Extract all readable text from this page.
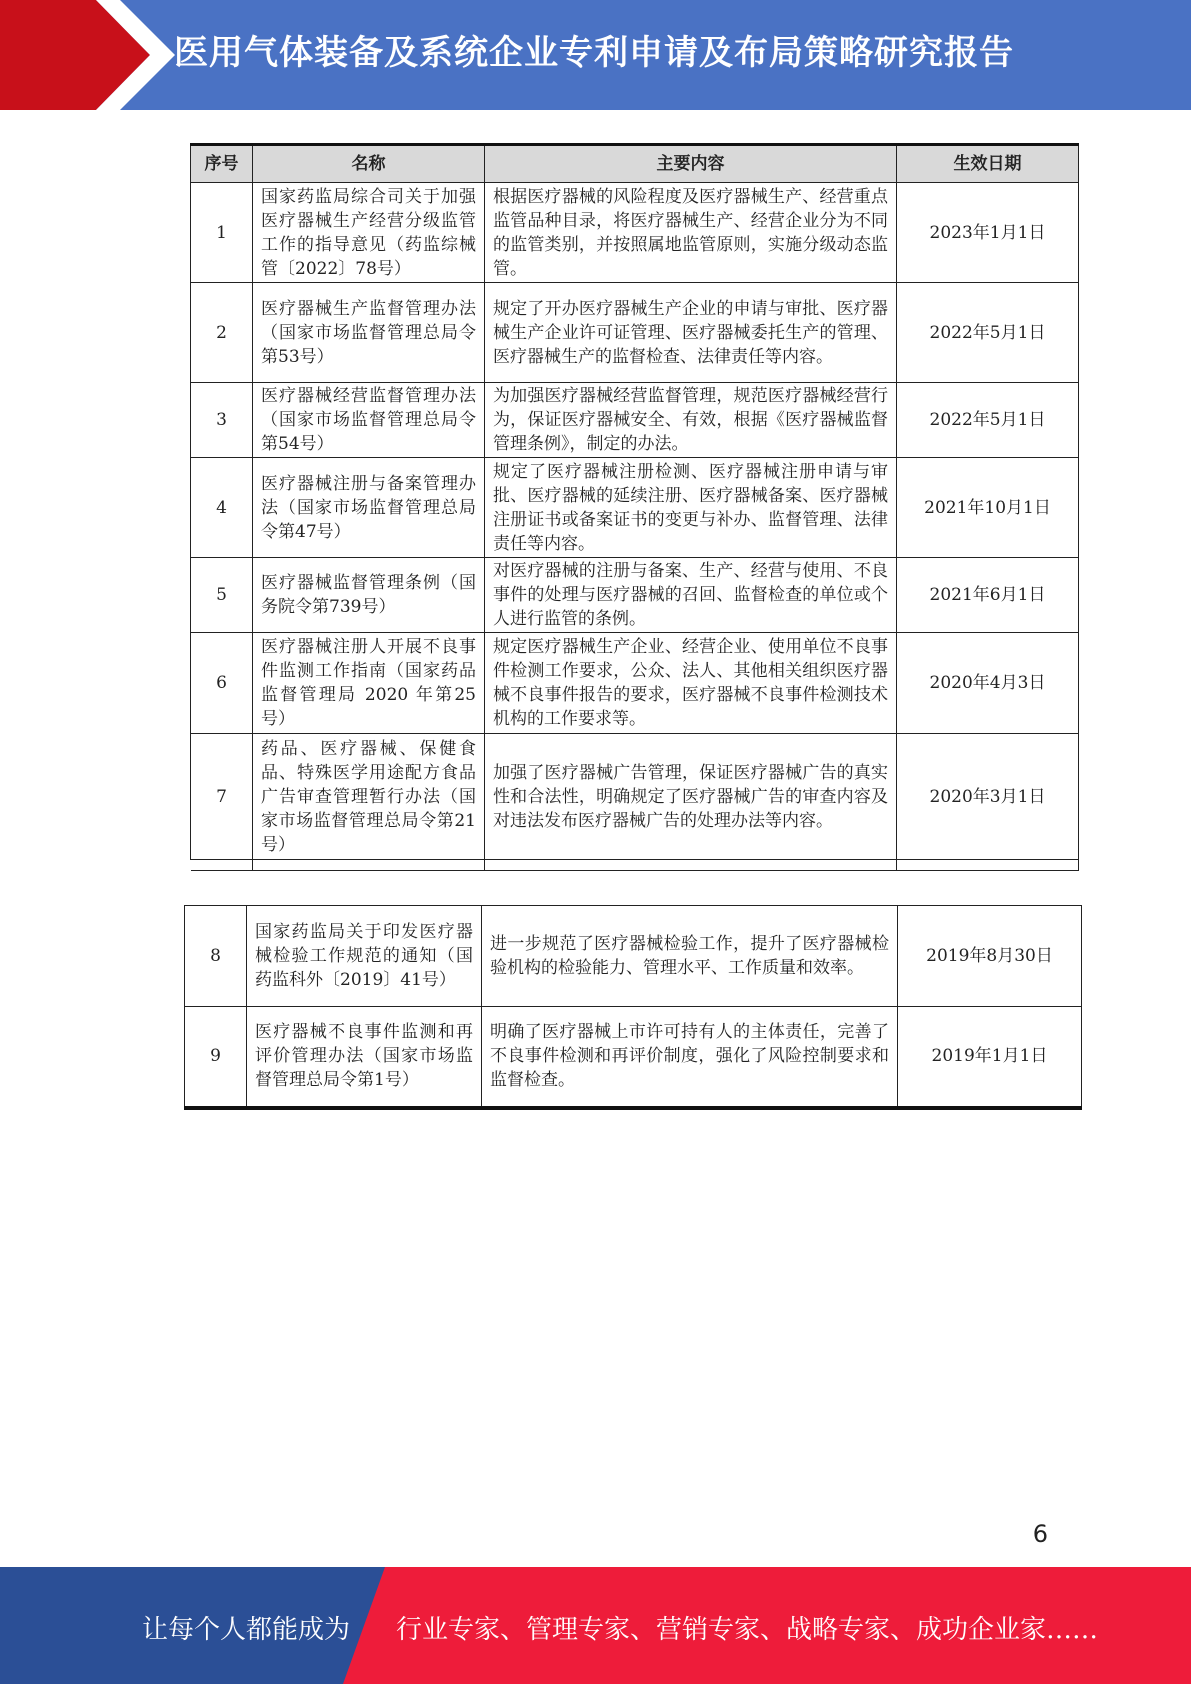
医用气体装备及系统企业专利申请及布局策略研究报告
序号	名称	主要内容	生效日期
1	国家药监局综合司关于加强医疗器械生产经营分级监管工作的指导意见（药监综械管〔2022〕78号）	根据医疗器械的风险程度及医疗器械生产、经营重点监管品种目录，将医疗器械生产、经营企业分为不同的监管类别，并按照属地监管原则，实施分级动态监管。	2023年1月1日
2	医疗器械生产监督管理办法（国家市场监督管理总局令第53号）	规定了开办医疗器械生产企业的申请与审批、医疗器械生产企业许可证管理、医疗器械委托生产的管理、医疗器械生产的监督检查、法律责任等内容。	2022年5月1日
3	医疗器械经营监督管理办法（国家市场监督管理总局令第54号）	为加强医疗器械经营监督管理，规范医疗器械经营行为，保证医疗器械安全、有效，根据《医疗器械监督管理条例》，制定的办法。	2022年5月1日
4	医疗器械注册与备案管理办法（国家市场监督管理总局令第47号）	规定了医疗器械注册检测、医疗器械注册申请与审批、医疗器械的延续注册、医疗器械备案、医疗器械注册证书或备案证书的变更与补办、监督管理、法律责任等内容。	2021年10月1日
5	医疗器械监督管理条例（国务院令第739号）	对医疗器械的注册与备案、生产、经营与使用、不良事件的处理与医疗器械的召回、监督检查的单位或个人进行监管的条例。	2021年6月1日
6	医疗器械注册人开展不良事件监测工作指南（国家药品监督管理局 2020 年第25号）	规定医疗器械生产企业、经营企业、使用单位不良事件检测工作要求，公众、法人、其他相关组织医疗器械不良事件报告的要求，医疗器械不良事件检测技术机构的工作要求等。	2020年4月3日
7	药品、医疗器械、保健食品、特殊医学用途配方食品广告审查管理暂行办法（国家市场监督管理总局令第21号）	加强了医疗器械广告管理，保证医疗器械广告的真实性和合法性，明确规定了医疗器械广告的审查内容及对违法发布医疗器械广告的处理办法等内容。	2020年3月1日

8	国家药监局关于印发医疗器械检验工作规范的通知（国药监科外〔2019〕41号）	进一步规范了医疗器械检验工作，提升了医疗器械检验机构的检验能力、管理水平、工作质量和效率。	2019年8月30日
9	医疗器械不良事件监测和再评价管理办法（国家市场监督管理总局令第1号）	明确了医疗器械上市许可持有人的主体责任，完善了不良事件检测和再评价制度，强化了风险控制要求和监督检查。	2019年1月1日
6
让每个人都能成为 行业专家、管理专家、营销专家、战略专家、成功企业家……
